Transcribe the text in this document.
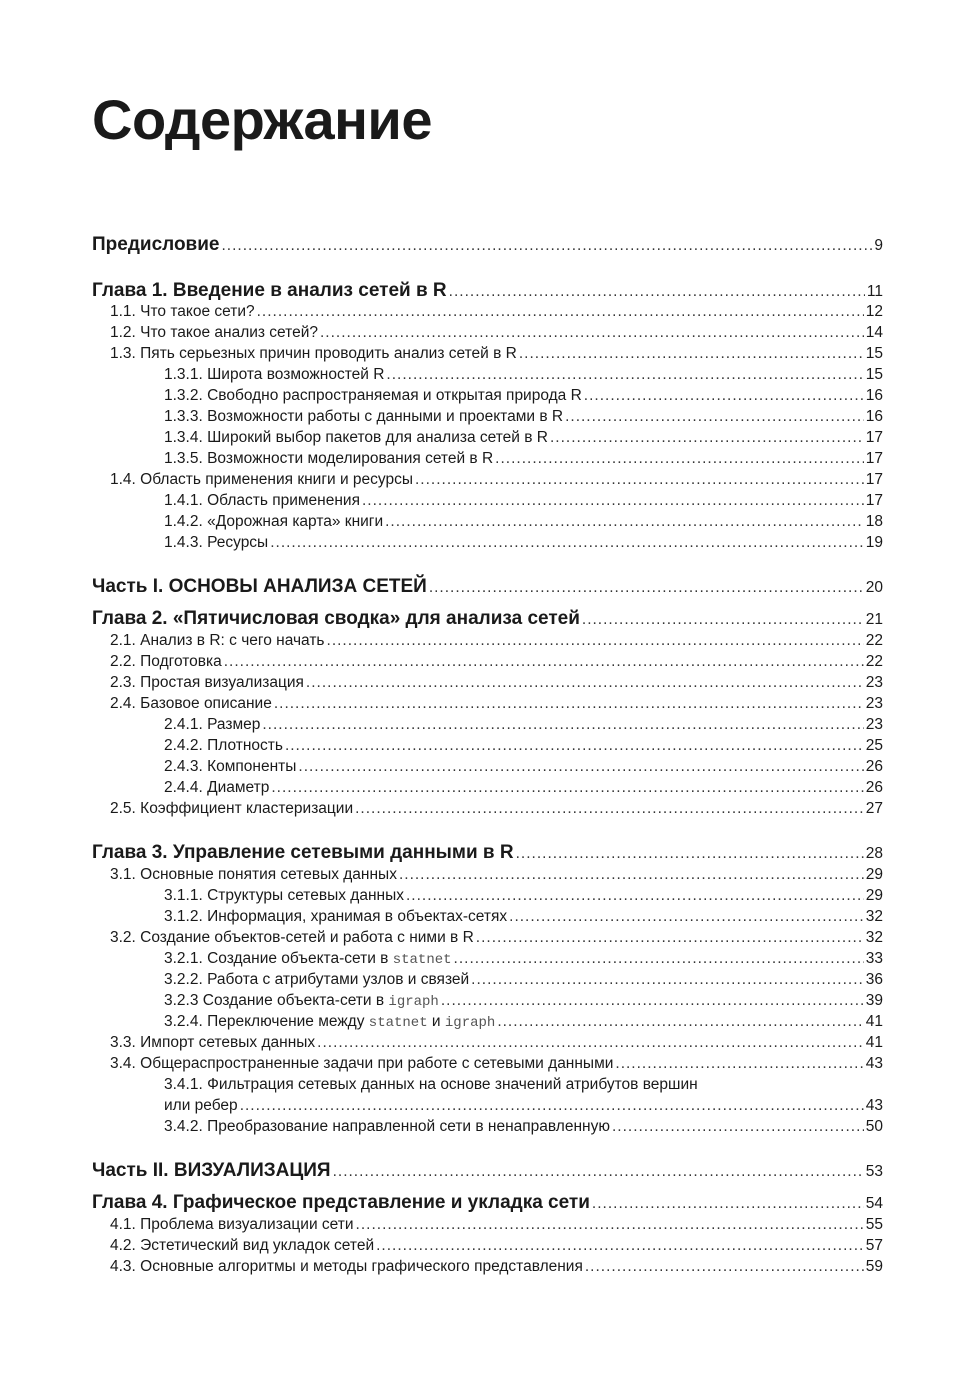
Содержание
Предисловие .....	9
Глава 1. Введение в анализ сетей в R .....	11
1.1. Что такое сети? .....	12
1.2. Что такое анализ сетей? .....	14
1.3. Пять серьезных причин проводить анализ сетей в R .....	15
1.3.1. Широта возможностей R .....	15
1.3.2. Свободно распространяемая и открытая природа R .....	16
1.3.3. Возможности работы с данными и проектами в R .....	16
1.3.4. Широкий выбор пакетов для анализа сетей в R .....	17
1.3.5. Возможности моделирования сетей в R .....	17
1.4. Область применения книги и ресурсы .....	17
1.4.1. Область применения .....	17
1.4.2. «Дорожная карта» книги .....	18
1.4.3. Ресурсы .....	19
Часть I. ОСНОВЫ АНАЛИЗА СЕТЕЙ .....	20
Глава 2. «Пятичисловая сводка» для анализа сетей .....	21
2.1. Анализ в R: с чего начать .....	22
2.2. Подготовка .....	22
2.3. Простая визуализация .....	23
2.4. Базовое описание .....	23
2.4.1. Размер .....	23
2.4.2. Плотность .....	25
2.4.3. Компоненты .....	26
2.4.4. Диаметр .....	26
2.5. Коэффициент кластеризации .....	27
Глава 3. Управление сетевыми данными в R .....	28
3.1. Основные понятия сетевых данных .....	29
3.1.1. Структуры сетевых данных .....	29
3.1.2. Информация, хранимая в объектах-сетях .....	32
3.2. Создание объектов-сетей и работа с ними в R .....	32
3.2.1. Создание объекта-сети в statnet .....	33
3.2.2. Работа с атрибутами узлов и связей .....	36
3.2.3 Создание объекта-сети в igraph .....	39
3.2.4. Переключение между statnet и igraph .....	41
3.3. Импорт сетевых данных .....	41
3.4. Общераспространенные задачи при работе с сетевыми данными .....	43
3.4.1. Фильтрация сетевых данных на основе значений атрибутов вершин
или ребер .....	43
3.4.2. Преобразование направленной сети в ненаправленную .....	50
Часть II. ВИЗУАЛИЗАЦИЯ .....	53
Глава 4. Графическое представление и укладка сети .....	54
4.1. Проблема визуализации сети .....	55
4.2. Эстетический вид укладок сетей .....	57
4.3. Основные алгоритмы и методы графического представления .....	59
